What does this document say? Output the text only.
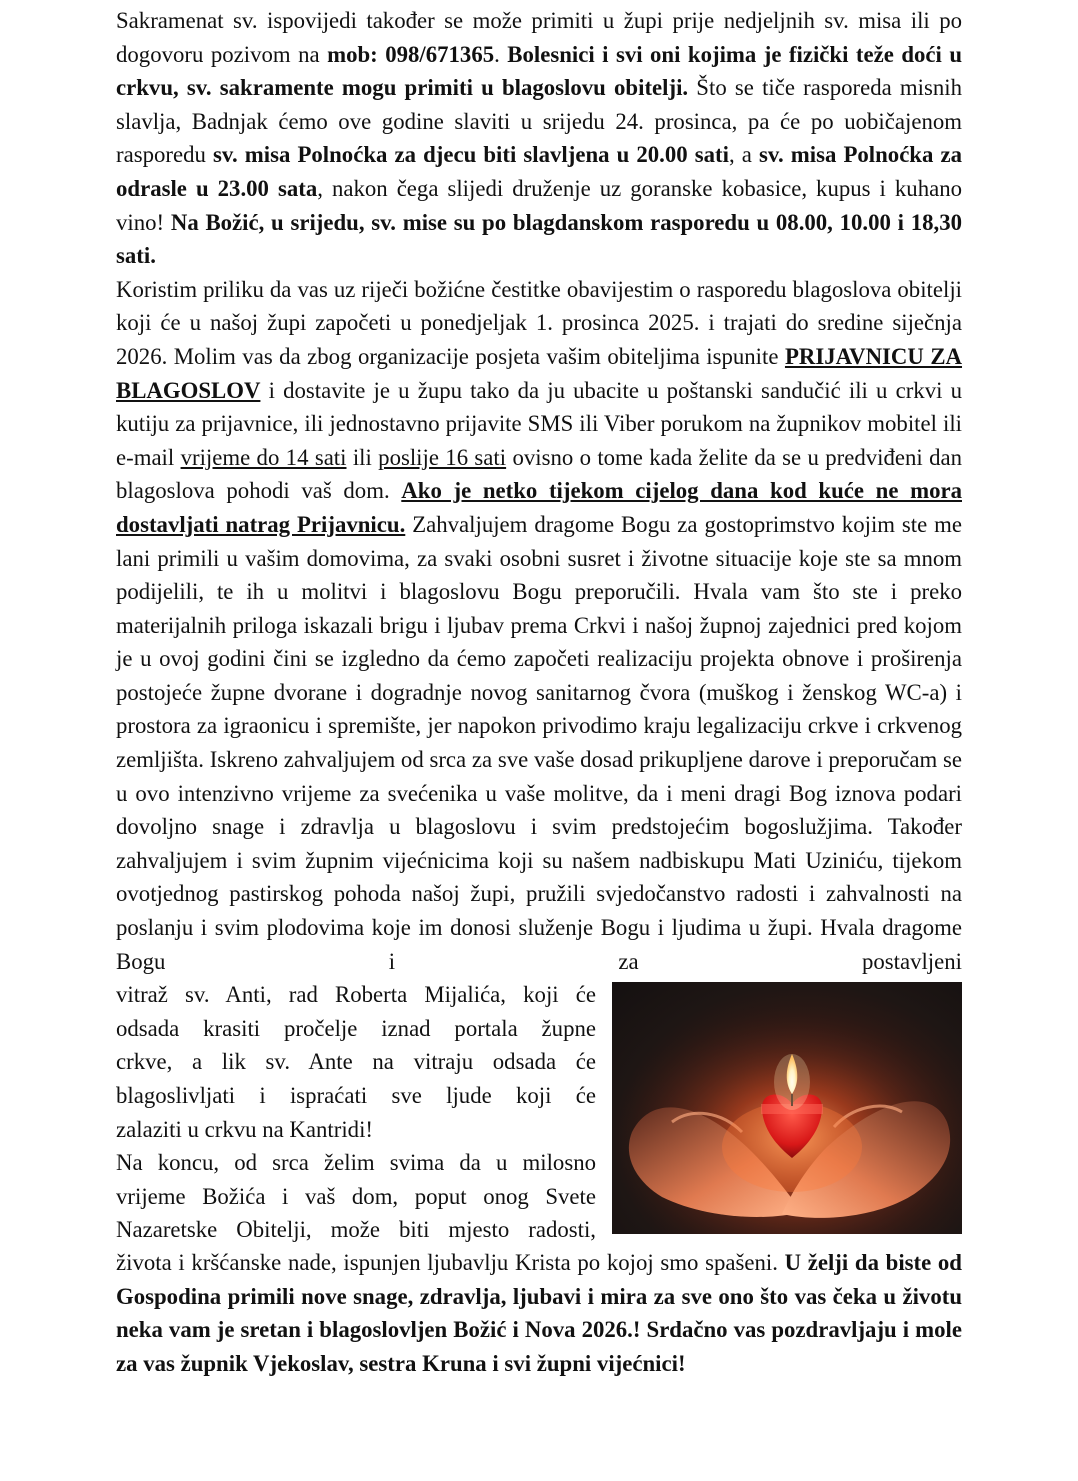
Sakramenat sv. ispovijedi također se može primiti u župi prije nedjeljnih sv. misa ili po dogovoru pozivom na mob: 098/671365. Bolesnici i svi oni kojima je fizički teže doći u crkvu, sv. sakramente mogu primiti u blagoslovu obitelji. Što se tiče rasporeda misnih slavlja, Badnjak ćemo ove godine slaviti u srijedu 24. prosinca, pa će po uobičajenom rasporedu sv. misa Polnoćka za djecu biti slavljena u 20.00 sati, a sv. misa Polnoćka za odrasle u 23.00 sata, nakon čega slijedi druženje uz goranske kobasice, kupus i kuhano vino! Na Božić, u srijedu, sv. mise su po blagdanskom rasporedu u 08.00, 10.00 i 18,30 sati.

Koristim priliku da vas uz riječi božićne čestitke obavijestim o rasporedu blagoslova obitelji koji će u našoj župi započeti u ponedjeljak 1. prosinca 2025. i trajati do sredine siječnja 2026. Molim vas da zbog organizacije posjeta vašim obiteljima ispunite PRIJAVNICU ZA BLAGOSLOV i dostavite je u župu tako da ju ubacite u poštanski sandučić ili u crkvi u kutiju za prijavnice, ili jednostavno prijavite SMS ili Viber porukom na župnikov mobitel ili e-mail vrijeme do 14 sati ili poslije 16 sati ovisno o tome kada želite da se u predviđeni dan blagoslova pohodi vaš dom. Ako je netko tijekom cijelog dana kod kuće ne mora dostavljati natrag Prijavnicu. Zahvaljujem dragome Bogu za gostoprimstvo kojim ste me lani primili u vašim domovima, za svaki osobni susret i životne situacije koje ste sa mnom podijelili, te ih u molitvi i blagoslovu Bogu preporučili. Hvala vam što ste i preko materijalnih priloga iskazali brigu i ljubav prema Crkvi i našoj župnoj zajednici pred kojom je u ovoj godini čini se izgledno da ćemo započeti realizaciju projekta obnove i proširenja postojeće župne dvorane i dogradnje novog sanitarnog čvora (muškog i ženskog WC-a) i prostora za igraonicu i spremište, jer napokon privodimo kraju legalizaciju crkve i crkvenog zemljišta. Iskreno zahvaljujem od srca za sve vaše dosad prikupljene darove i preporučam se u ovo intenzivno vrijeme za svećenika u vaše molitve, da i meni dragi Bog iznova podari dovoljno snage i zdravlja u blagoslovu i svim predstojećim bogoslužjima. Također zahvaljujem i svim župnim vijećnicima koji su našem nadbiskupu Mati Uziniću, tijekom ovotjednog pastirskog pohoda našoj župi, pružili svjedočanstvo radosti i zahvalnosti na poslanju i svim plodovima koje im donosi služenje Bogu i ljudima u župi. Hvala dragome Bogu i za postavljeni

vitraž sv. Anti, rad Roberta Mijalića, koji će
odsada krasiti pročelje iznad portala župne
crkve, a lik sv. Ante na vitraju odsada će
blagoslivljati i ispraćati sve ljude koji će
zalaziti u crkvu na Kantridi!
Na koncu, od srca želim svima da u milosno
vrijeme Božića i vaš dom, poput onog Svete
Nazaretske Obitelji, može biti mjesto radosti,

života i kršćanske nade, ispunjen ljubavlju Krista po kojoj smo spašeni. U želji da biste od Gospodina primili nove snage, zdravlja, ljubavi i mira za sve ono što vas čeka u životu neka vam je sretan i blagoslovljen Božić i Nova 2026.! Srdačno vas pozdravljaju i mole za vas župnik Vjekoslav, sestra Kruna i svi župni vijećnici!
